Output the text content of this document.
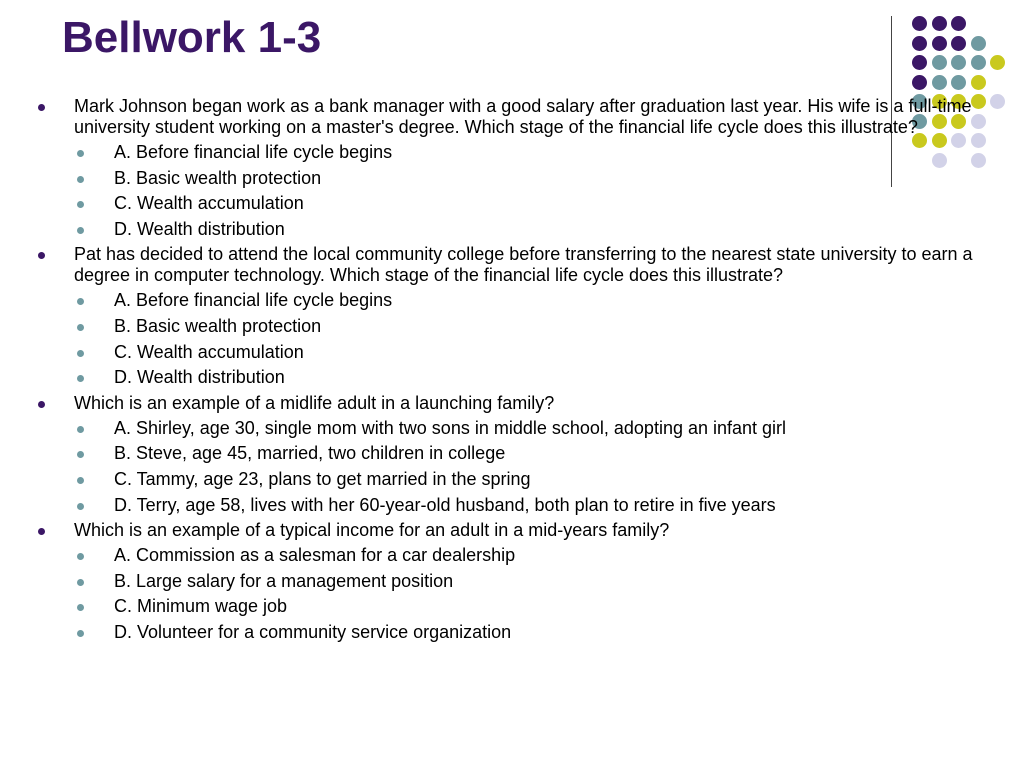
Bellwork 1-3
Mark Johnson began work as a bank manager with a good salary after graduation last year. His wife is a full-time university student working on a master's degree. Which stage of the financial life cycle does this illustrate?
A. Before financial life cycle begins
B. Basic wealth protection
C. Wealth accumulation
D. Wealth distribution
Pat has decided to attend the local community college before transferring to the nearest state university to earn a degree in computer technology. Which stage of the financial life cycle does this illustrate?
A. Before financial life cycle begins
B. Basic wealth protection
C. Wealth accumulation
D. Wealth distribution
Which is an example of a midlife adult in a launching family?
A. Shirley, age 30, single mom with two sons in middle school, adopting an infant girl
B. Steve, age 45, married, two children in college
C. Tammy, age 23, plans to get married in the spring
D. Terry, age 58, lives with her 60-year-old husband, both plan to retire in five years
Which is an example of a typical income for an adult in a mid-years family?
A. Commission as a salesman for a car dealership
B. Large salary for a management position
C. Minimum wage job
D. Volunteer for a community service organization
